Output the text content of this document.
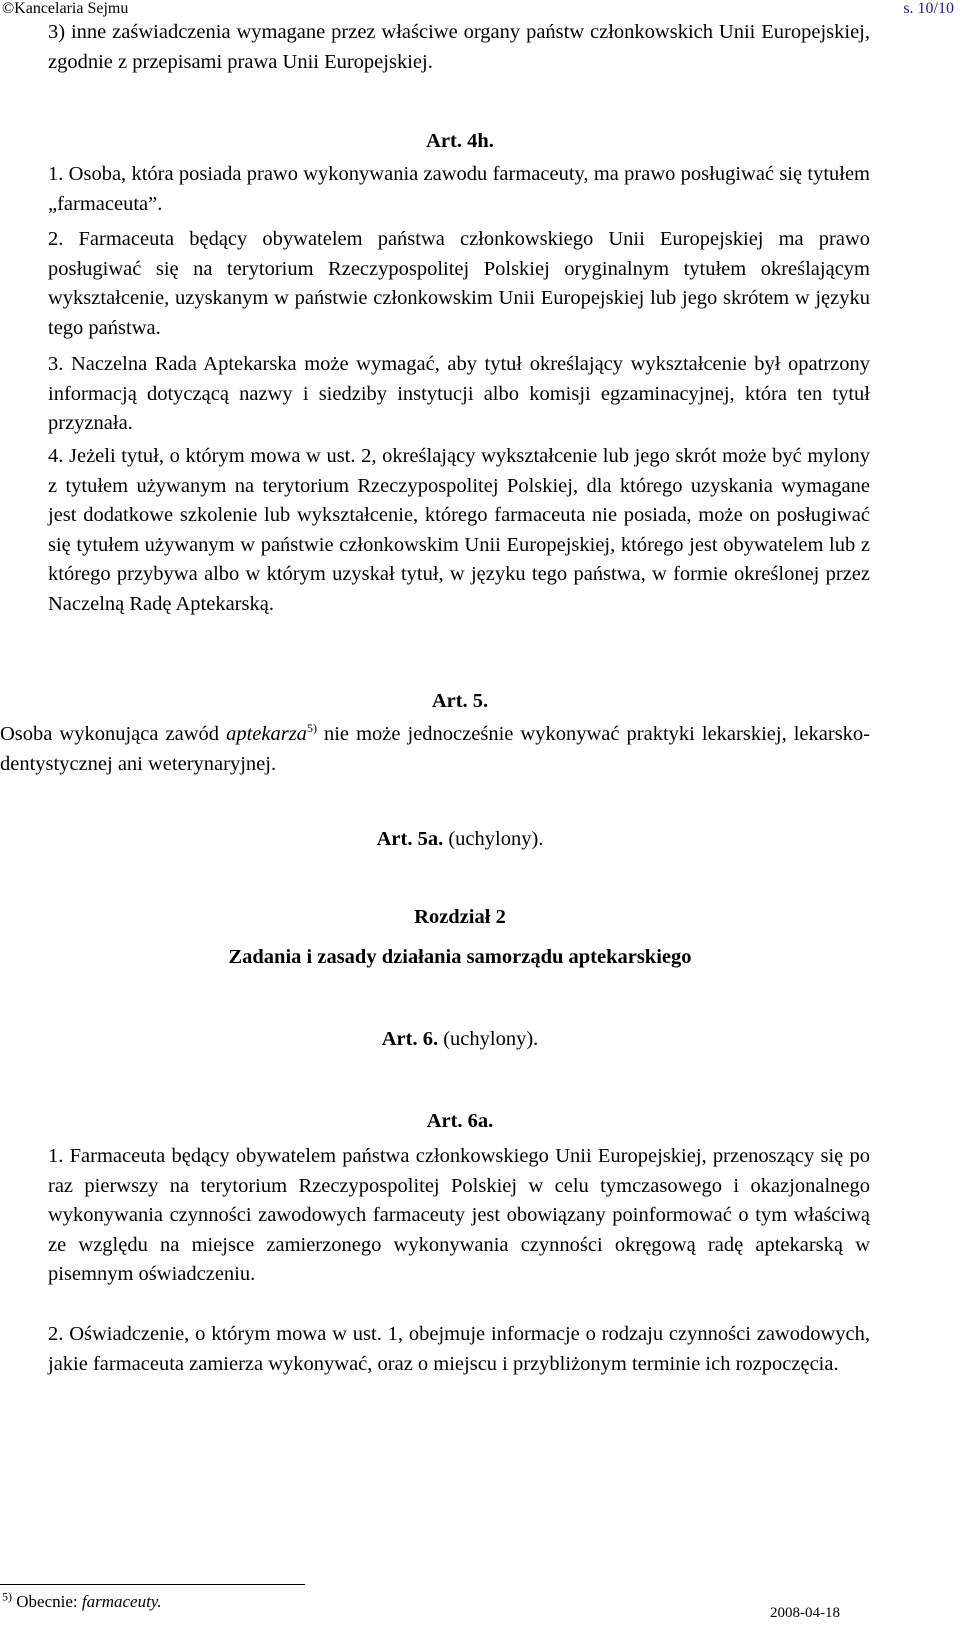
©Kancelaria Sejmu	s. 10/10
3) inne zaświadczenia wymagane przez właściwe organy państw członkowskich Unii Europejskiej, zgodnie z przepisami prawa Unii Europejskiej.
Art. 4h.
1. Osoba, która posiada prawo wykonywania zawodu farmaceuty, ma prawo posługiwać się tytułem „farmaceuta”.
2. Farmaceuta będący obywatelem państwa członkowskiego Unii Europejskiej ma prawo posługiwać się na terytorium Rzeczypospolitej Polskiej oryginalnym tytułem określającym wykształcenie, uzyskanym w państwie członkowskim Unii Europejskiej lub jego skrótem w języku tego państwa.
3. Naczelna Rada Aptekarska może wymagać, aby tytuł określający wykształcenie był opatrzony informacją dotyczącą nazwy i siedziby instytucji albo komisji egzaminacyjnej, która ten tytuł przyznała.
4. Jeżeli tytuł, o którym mowa w ust. 2, określający wykształcenie lub jego skrót może być mylony z tytułem używanym na terytorium Rzeczypospolitej Polskiej, dla którego uzyskania wymagane jest dodatkowe szkolenie lub wykształcenie, którego farmaceuta nie posiada, może on posługiwać się tytułem używanym w państwie członkowskim Unii Europejskiej, którego jest obywatelem lub z którego przybywa albo w którym uzyskał tytuł, w języku tego państwa, w formie określonej przez Naczelną Radę Aptekarską.
Art. 5.
Osoba wykonująca zawód aptekarza$^{5)}$ nie może jednocześnie wykonywać praktyki lekarskiej, lekarsko-dentystycznej ani weterynaryjnej.
Art. 5a. (uchylony).
Rozdział 2
Zadania i zasady działania samorządu aptekarskiego
Art. 6. (uchylony).
Art. 6a.
1. Farmaceuta będący obywatelem państwa członkowskiego Unii Europejskiej, przenoszący się po raz pierwszy na terytorium Rzeczypospolitej Polskiej w celu tymczasowego i okazjonalnego wykonywania czynności zawodowych farmaceuty jest obowiązany poinformować o tym właściwą ze względu na miejsce zamierzonego wykonywania czynności okręgową radę aptekarską w pisemnym oświadczeniu.
2. Oświadczenie, o którym mowa w ust. 1, obejmuje informacje o rodzaju czynności zawodowych, jakie farmaceuta zamierza wykonywać, oraz o miejscu i przybliżonym terminie ich rozpoczęcia.
$^{5)}$ Obecnie: farmaceuty.
2008-04-18
